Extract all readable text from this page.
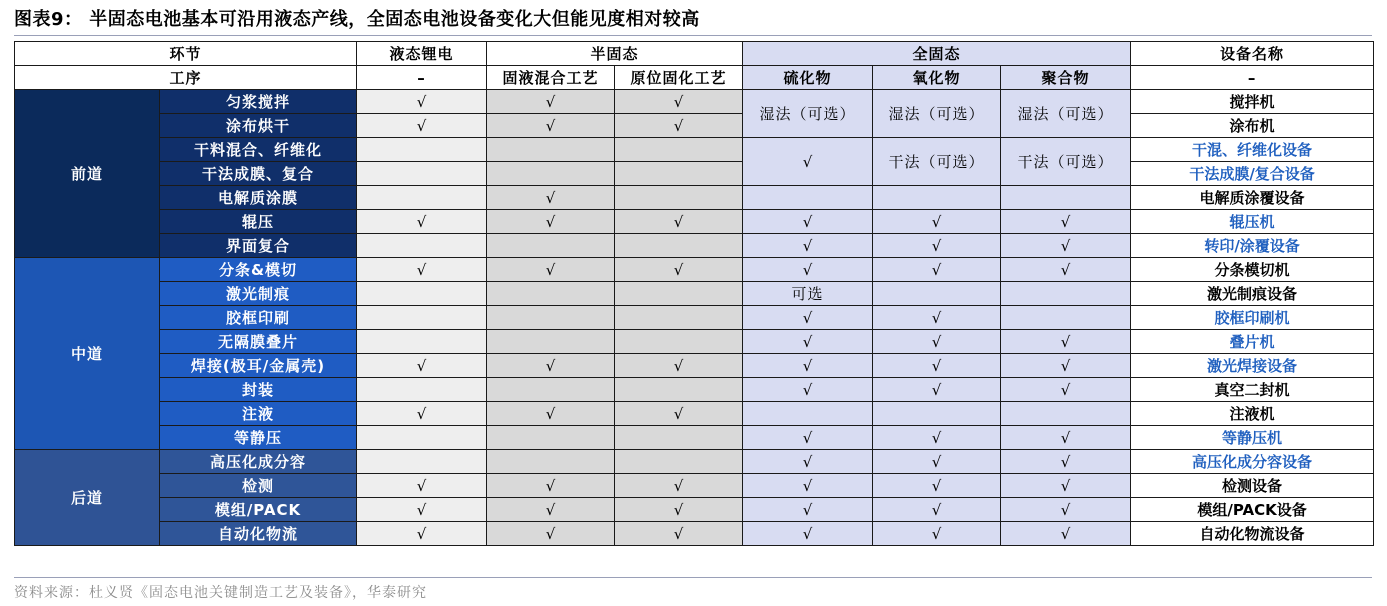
图表9： 半固态电池基本可沿用液态产线，全固态电池设备变化大但能见度相对较高
环节		液态锂电	半固态		全固态			设备名称
工序		–	固液混合工艺	原位固化工艺	硫化物	氧化物	聚合物	–
前道	匀浆搅拌	√	√	√	湿法（可选）	湿法（可选）	湿法（可选）	搅拌机
	涂布烘干	√	√	√				涂布机
	干料混合、纤维化				√	干法（可选）	干法（可选）	干混、纤维化设备
	干法成膜、复合							干法成膜/复合设备
	电解质涂膜		√					电解质涂覆设备
	辊压	√	√	√	√	√	√	辊压机
	界面复合				√	√	√	转印/涂覆设备
中道	分条&模切	√	√	√	√	√	√	分条模切机
	激光制痕				可选			激光制痕设备
	胶框印刷				√	√		胶框印刷机
	无隔膜叠片				√	√	√	叠片机
	焊接(极耳/金属壳)	√	√	√	√	√	√	激光焊接设备
	封装				√	√	√	真空二封机
	注液	√	√	√				注液机
	等静压				√	√	√	等静压机
后道	高压化成分容				√	√	√	高压化成分容设备
	检测	√	√	√	√	√	√	检测设备
	模组/PACK	√	√	√	√	√	√	模组/PACK设备
	自动化物流	√	√	√	√	√	√	自动化物流设备
资料来源：杜义贤《固态电池关键制造工艺及装备》，华泰研究
